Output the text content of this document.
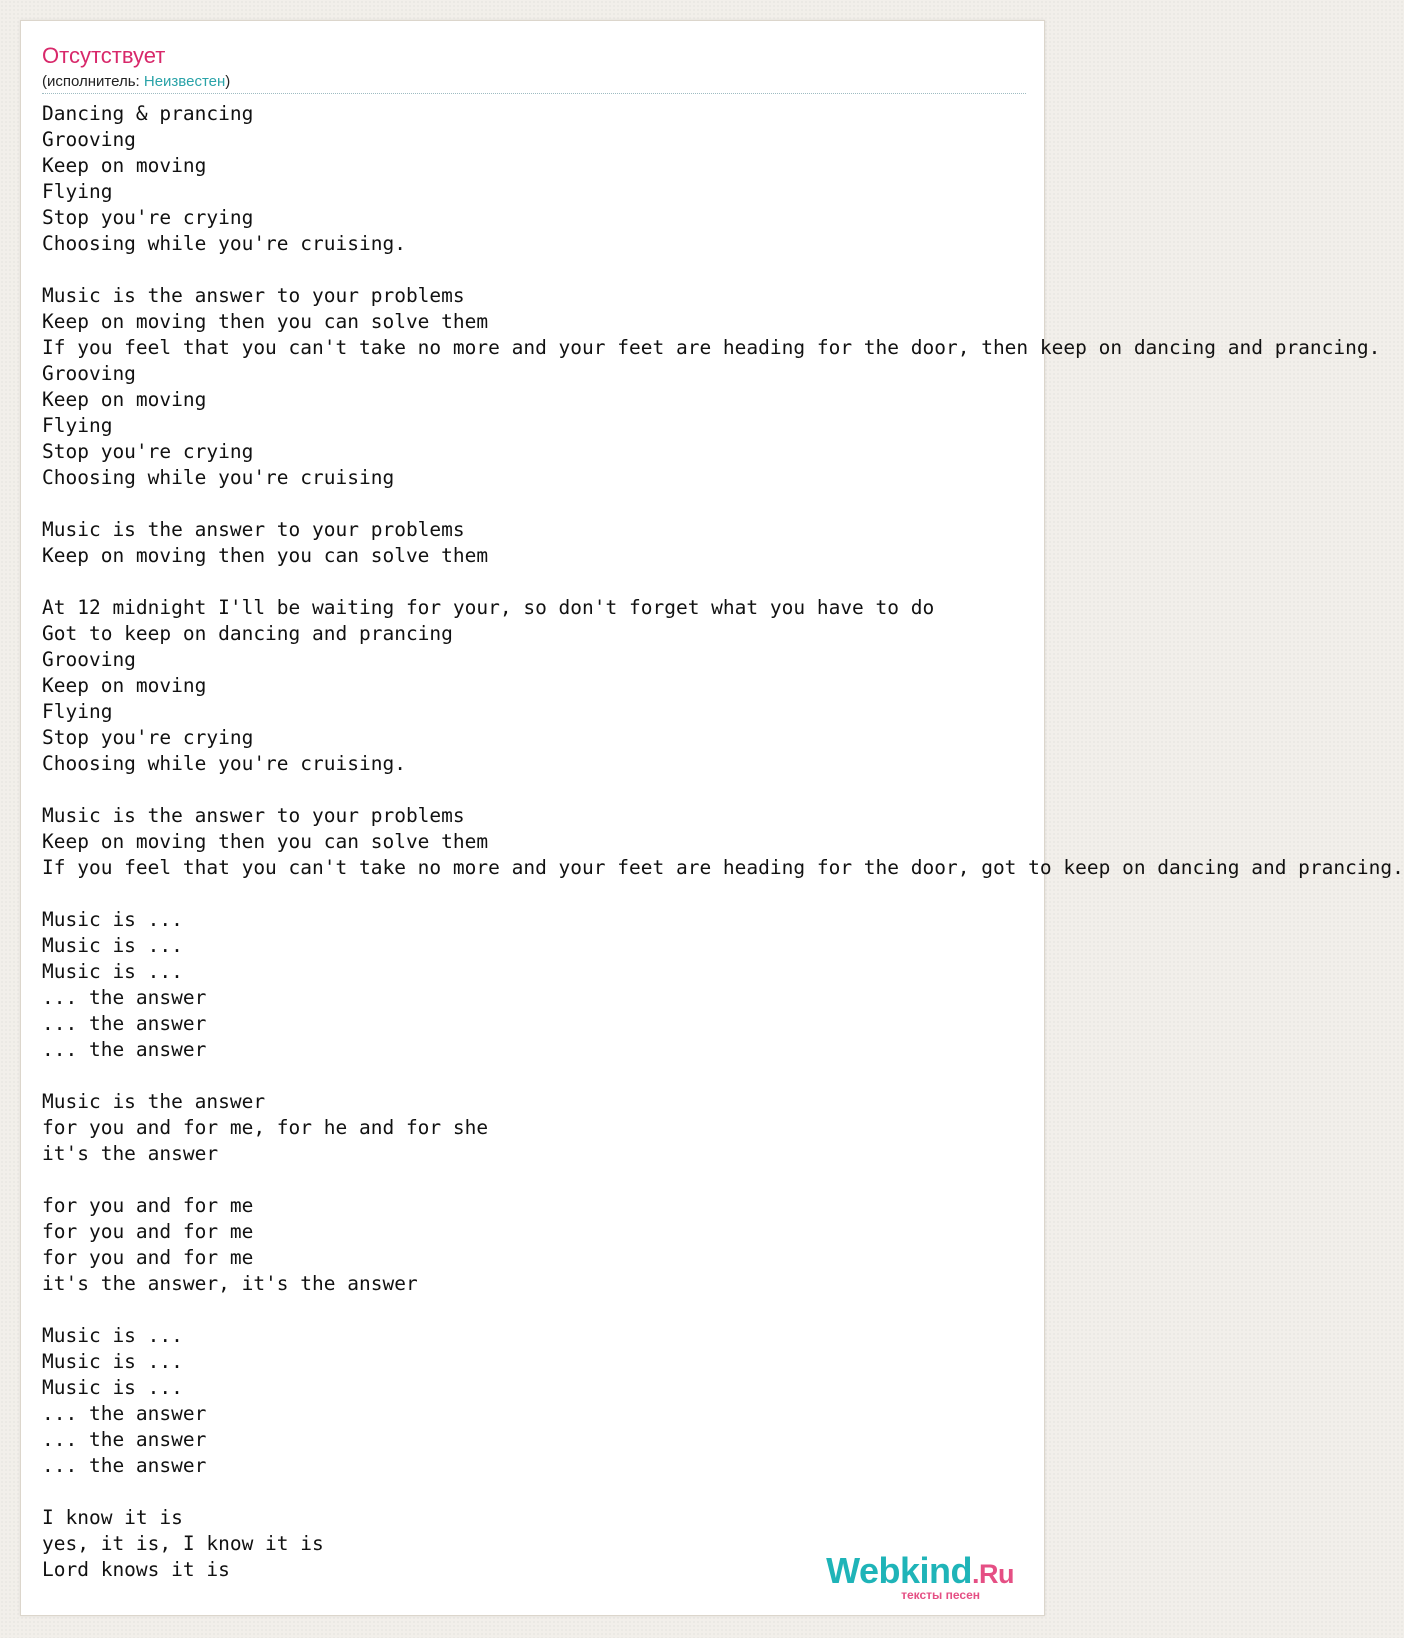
Отсутствует
(исполнитель: Неизвестен)
Dancing & prancing
Grooving
Keep on moving
Flying
Stop you're crying
Choosing while you're cruising.

Music is the answer to your problems
Keep on moving then you can solve them
If you feel that you can't take no more and your feet are heading for the door, then keep on dancing and prancing.
Grooving
Keep on moving
Flying
Stop you're crying
Choosing while you're cruising

Music is the answer to your problems
Keep on moving then you can solve them

At 12 midnight I'll be waiting for your, so don't forget what you have to do
Got to keep on dancing and prancing
Grooving
Keep on moving
Flying
Stop you're crying
Choosing while you're cruising.

Music is the answer to your problems
Keep on moving then you can solve them
If you feel that you can't take no more and your feet are heading for the door, got to keep on dancing and prancing.

Music is ...
Music is ...
Music is ...
... the answer
... the answer
... the answer

Music is the answer
for you and for me, for he and for she
it's the answer

for you and for me
for you and for me
for you and for me
it's the answer, it's the answer

Music is ...
Music is ...
Music is ...
... the answer
... the answer
... the answer

I know it is
yes, it is, I know it is
Lord knows it is	Webkind.Ru
тексты песен
